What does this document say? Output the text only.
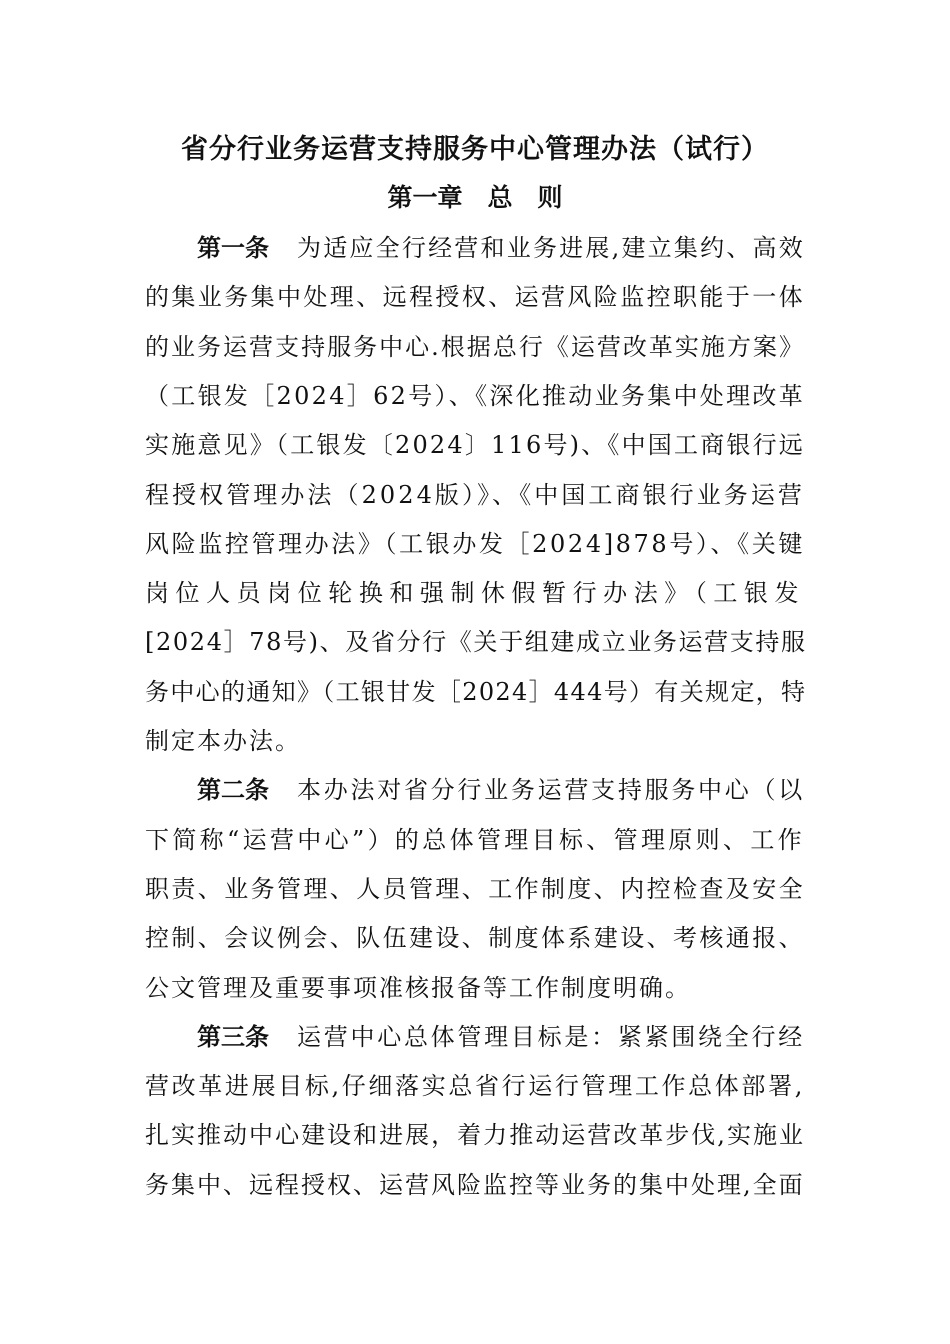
省分行业务运营支持服务中心管理办法（试行）
第一章　总　则
第一条 为适应全行经营和业务进展,建立集约、高效
的集业务集中处理、远程授权、运营风险监控职能于一体
的业务运营支持服务中心.根据总行《运营改革实施方案》
（工银发［2024］62号）、《深化推动业务集中处理改革
实施意见》（工银发〔2024〕116号)、《中国工商银行远
程授权管理办法（2024版）》、《中国工商银行业务运营
风险监控管理办法》（工银办发［2024]878号）、《关键
岗位人员岗位轮换和强制休假暂行办法》（工银发
[2024］78号)、及省分行《关于组建成立业务运营支持服
务中心的通知》（工银甘发［2024］444号）有关规定，特
制定本办法。
第二条 本办法对省分行业务运营支持服务中心（以
下简称“运营中心”）的总体管理目标、管理原则、工作
职责、业务管理、人员管理、工作制度、内控检查及安全
控制、会议例会、队伍建设、制度体系建设、考核通报、
公文管理及重要事项准核报备等工作制度明确。
第三条 运营中心总体管理目标是：紧紧围绕全行经
营改革进展目标,仔细落实总省行运行管理工作总体部署,
扎实推动中心建设和进展，着力推动运营改革步伐,实施业
务集中、远程授权、运营风险监控等业务的集中处理,全面
